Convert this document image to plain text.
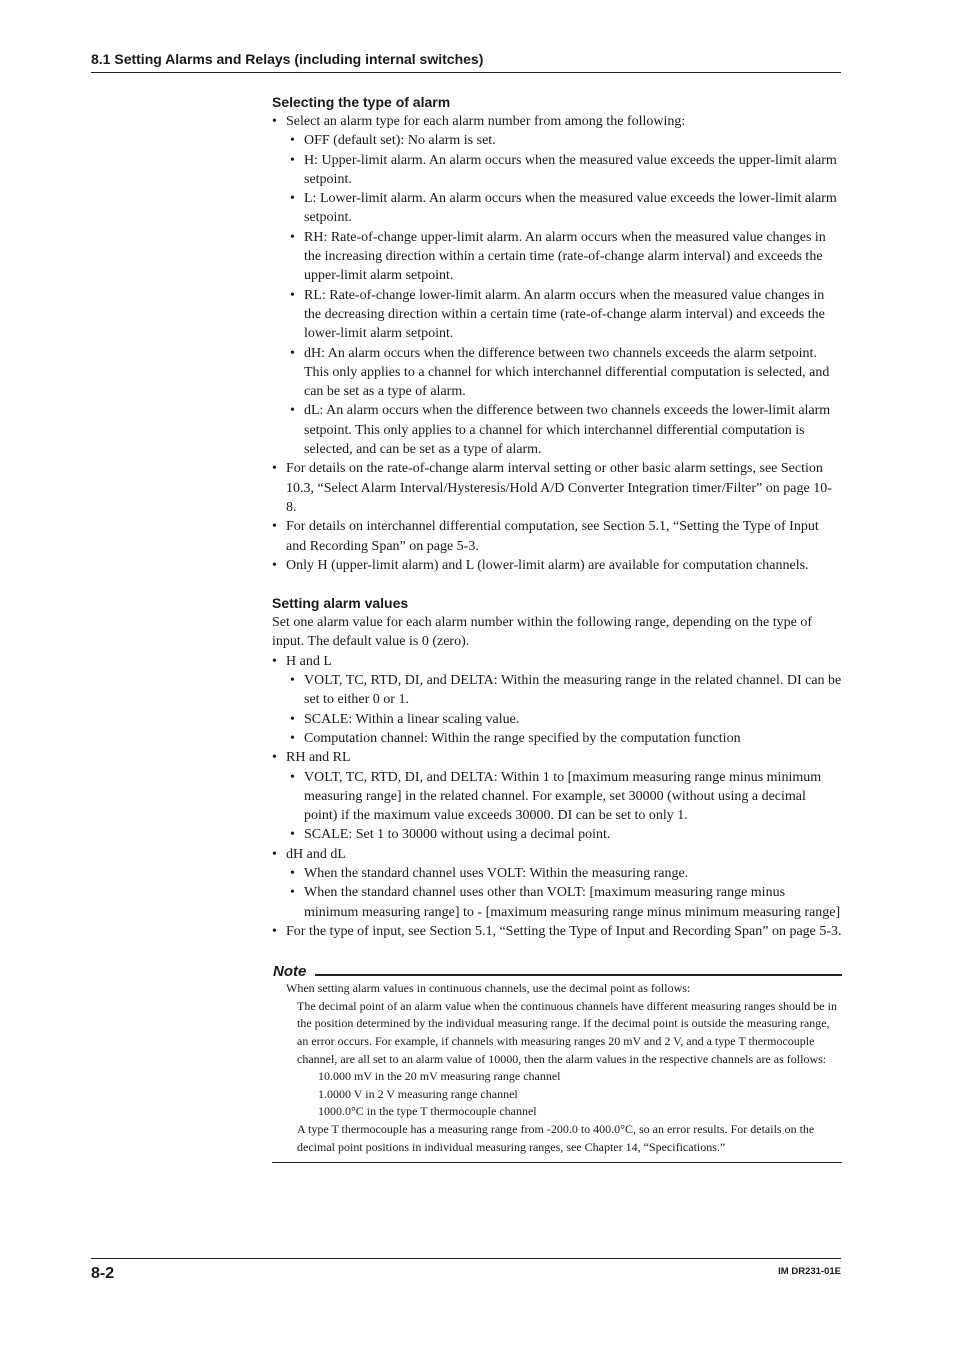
8.1 Setting Alarms and Relays (including internal switches)
Selecting the type of alarm
• Select an alarm type for each alarm number from among the following:
• OFF (default set): No alarm is set.
• H: Upper-limit alarm. An alarm occurs when the measured value exceeds the upper-limit alarm setpoint.
• L: Lower-limit alarm. An alarm occurs when the measured value exceeds the lower-limit alarm setpoint.
• RH: Rate-of-change upper-limit alarm. An alarm occurs when the measured value changes in the increasing direction within a certain time (rate-of-change alarm interval) and exceeds the upper-limit alarm setpoint.
• RL: Rate-of-change lower-limit alarm. An alarm occurs when the measured value changes in the decreasing direction within a certain time (rate-of-change alarm interval) and exceeds the lower-limit alarm setpoint.
• dH: An alarm occurs when the difference between two channels exceeds the alarm setpoint. This only applies to a channel for which interchannel differential computation is selected, and can be set as a type of alarm.
• dL: An alarm occurs when the difference between two channels exceeds the lower-limit alarm setpoint. This only applies to a channel for which interchannel differential computation is selected, and can be set as a type of alarm.
• For details on the rate-of-change alarm interval setting or other basic alarm settings, see Section 10.3, “Select Alarm Interval/Hysteresis/Hold A/D Converter Integration timer/Filter” on page 10-8.
• For details on interchannel differential computation, see Section 5.1, “Setting the Type of Input and Recording Span” on page 5-3.
• Only H (upper-limit alarm) and L (lower-limit alarm) are available for computation channels.
Setting alarm values

Set one alarm value for each alarm number within the following range, depending on the type of input. The default value is 0 (zero).

• H and L
• VOLT, TC, RTD, DI, and DELTA: Within the measuring range in the related channel. DI can be set to either 0 or 1.
• SCALE: Within a linear scaling value.
• Computation channel: Within the range specified by the computation function
• RH and RL
• VOLT, TC, RTD, DI, and DELTA: Within 1 to [maximum measuring range minus minimum measuring range] in the related channel. For example, set 30000 (without using a decimal point) if the maximum value exceeds 30000. DI can be set to only 1.
• SCALE: Set 1 to 30000 without using a decimal point.
• dH and dL
• When the standard channel uses VOLT: Within the measuring range.
• When the standard channel uses other than VOLT: [maximum measuring range minus minimum measuring range] to - [maximum measuring range minus minimum measuring range]
• For the type of input, see Section 5.1, “Setting the Type of Input and Recording Span” on page 5-3.
Note

When setting alarm values in continuous channels, use the decimal point as follows:

The decimal point of an alarm value when the continuous channels have different measuring ranges should be in the position determined by the individual measuring range. If the decimal point is outside the measuring range, an error occurs. For example, if channels with measuring ranges 20 mV and 2 V, and a type T thermocouple channel, are all set to an alarm value of 10000, then the alarm values in the respective channels are as follows:

10.000 mV in the 20 mV measuring range channel

1.0000 V in 2 V measuring range channel

1000.0°C in the type T thermocouple channel

A type T thermocouple has a measuring range from -200.0 to 400.0°C, so an error results. For details on the decimal point positions in individual measuring ranges, see Chapter 14, “Specifications.”

8-2	IM DR231-01E
